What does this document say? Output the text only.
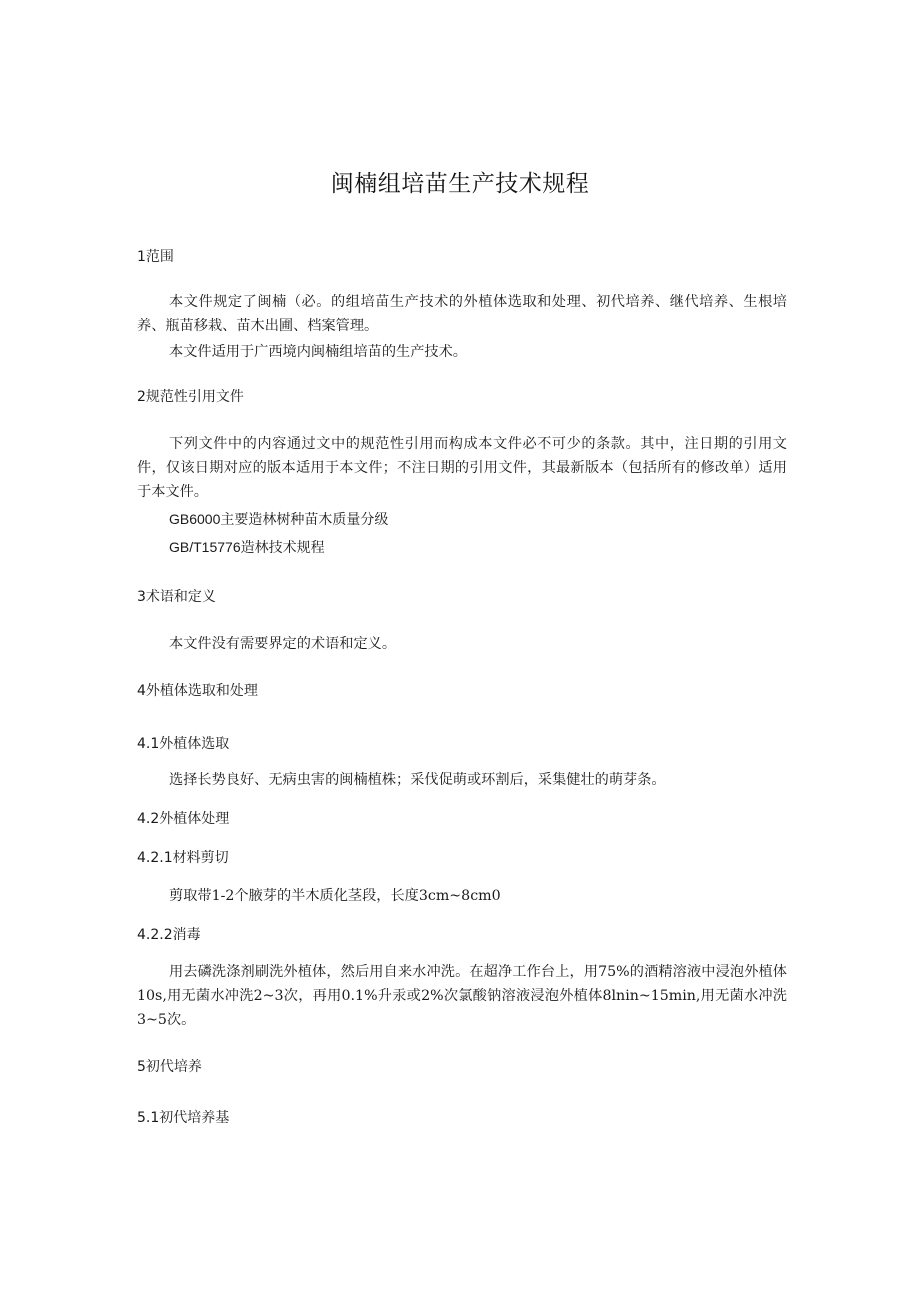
闽楠组培苗生产技术规程
1范围
本文件规定了闽楠（必。的组培苗生产技术的外植体选取和处理、初代培养、继代培养、生根培养、瓶苗移栽、苗木出圃、档案管理。
本文件适用于广西境内闽楠组培苗的生产技术。
2规范性引用文件
下列文件中的内容通过文中的规范性引用而构成本文件必不可少的条款。其中，注日期的引用文件，仅该日期对应的版本适用于本文件；不注日期的引用文件，其最新版本（包括所有的修改单）适用于本文件。
GB6000主要造林树种苗木质量分级
GB/T15776造林技术规程
3术语和定义
本文件没有需要界定的术语和定义。
4外植体选取和处理
4.1外植体选取
选择长势良好、无病虫害的闽楠植株；采伐促萌或环割后，采集健壮的萌芽条。
4.2外植体处理
4.2.1材料剪切
剪取带1-2个腋芽的半木质化茎段，长度3cm~8cm0
4.2.2消毒
用去磷洗涤剂刷洗外植体，然后用自来水冲洗。在超净工作台上，用75%的酒精溶液中浸泡外植体10s,用无菌水冲洗2~3次，再用0.1%升汞或2%次氯酸钠溶液浸泡外植体8lnin~15min,用无菌水冲洗3~5次。
5初代培养
5.1初代培养基
